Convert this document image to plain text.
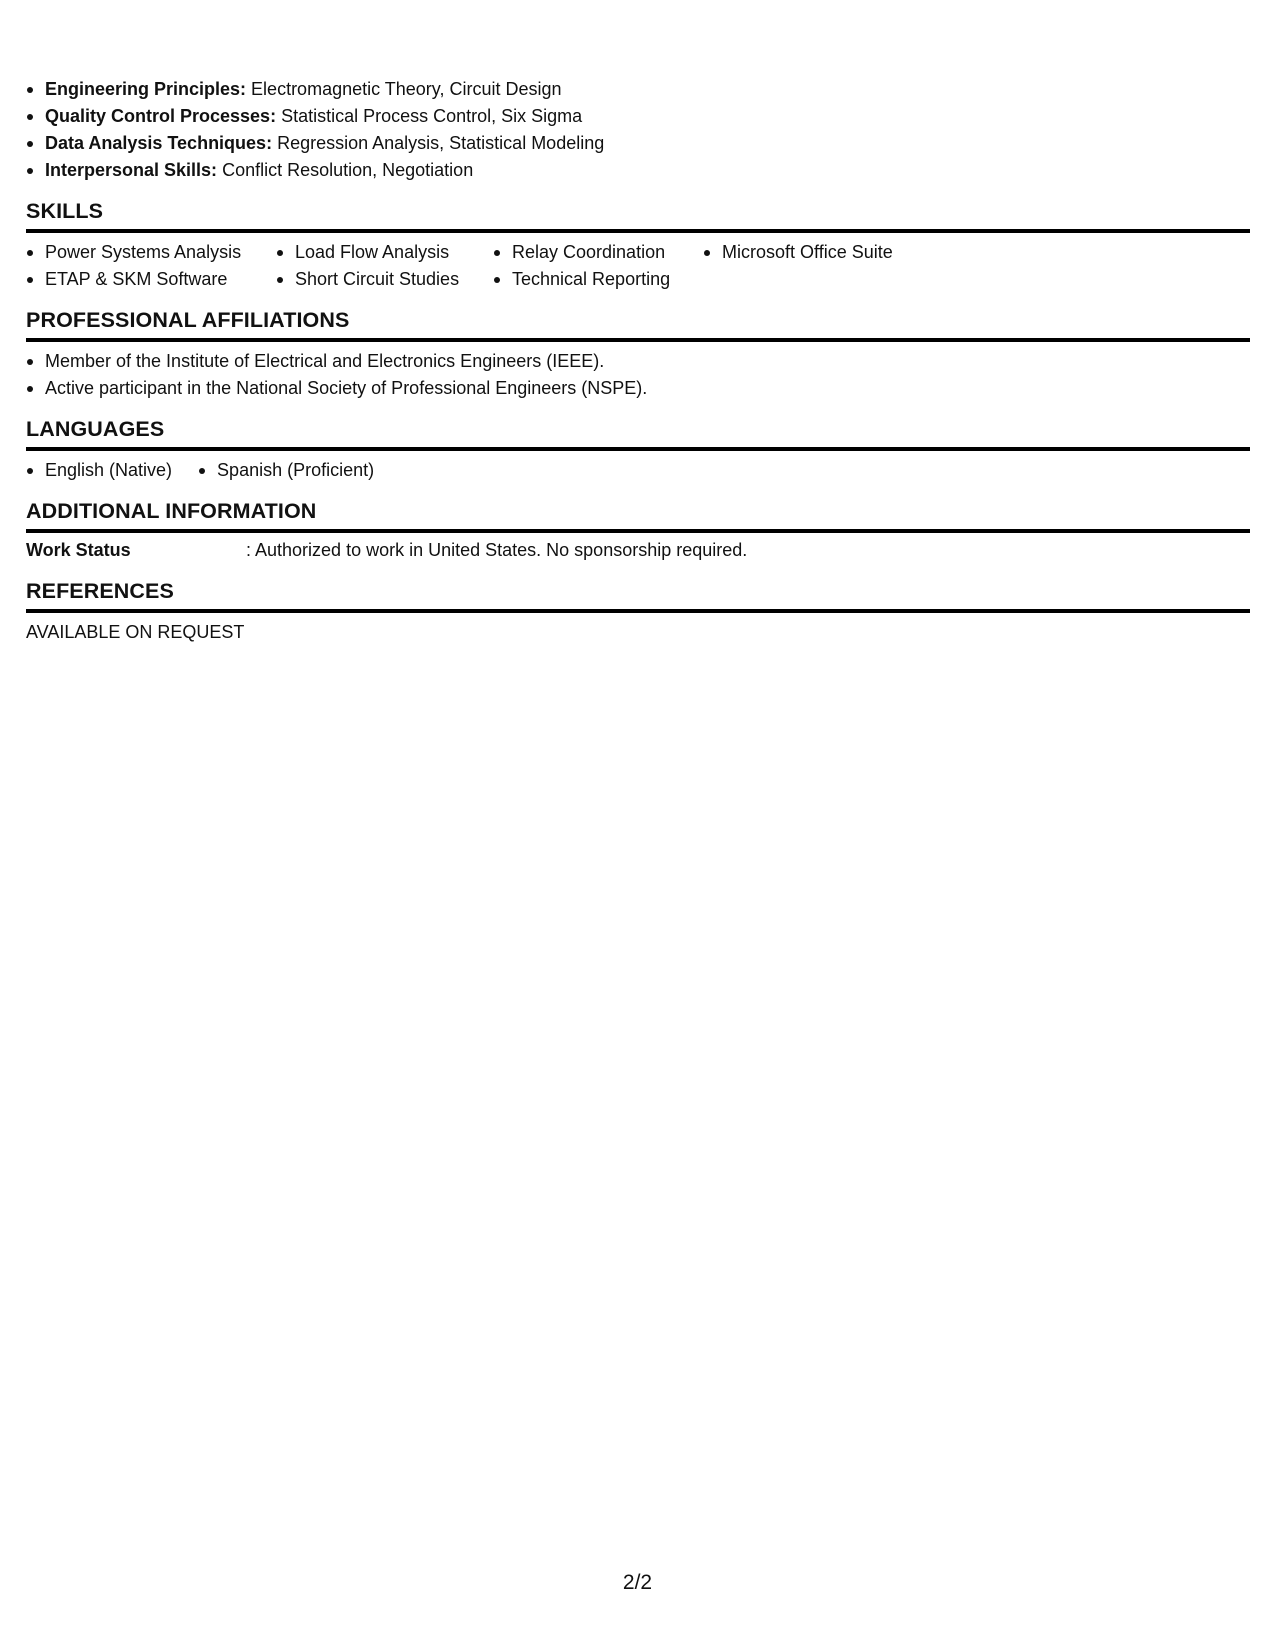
Engineering Principles: Electromagnetic Theory, Circuit Design
Quality Control Processes: Statistical Process Control, Six Sigma
Data Analysis Techniques: Regression Analysis, Statistical Modeling
Interpersonal Skills: Conflict Resolution, Negotiation
SKILLS
Power Systems Analysis
ETAP & SKM Software
Load Flow Analysis
Short Circuit Studies
Relay Coordination
Technical Reporting
Microsoft Office Suite
PROFESSIONAL AFFILIATIONS
Member of the Institute of Electrical and Electronics Engineers (IEEE).
Active participant in the National Society of Professional Engineers (NSPE).
LANGUAGES
English (Native)	Spanish (Proficient)
ADDITIONAL INFORMATION
Work Status	: Authorized to work in United States. No sponsorship required.
REFERENCES
AVAILABLE ON REQUEST
2/2
